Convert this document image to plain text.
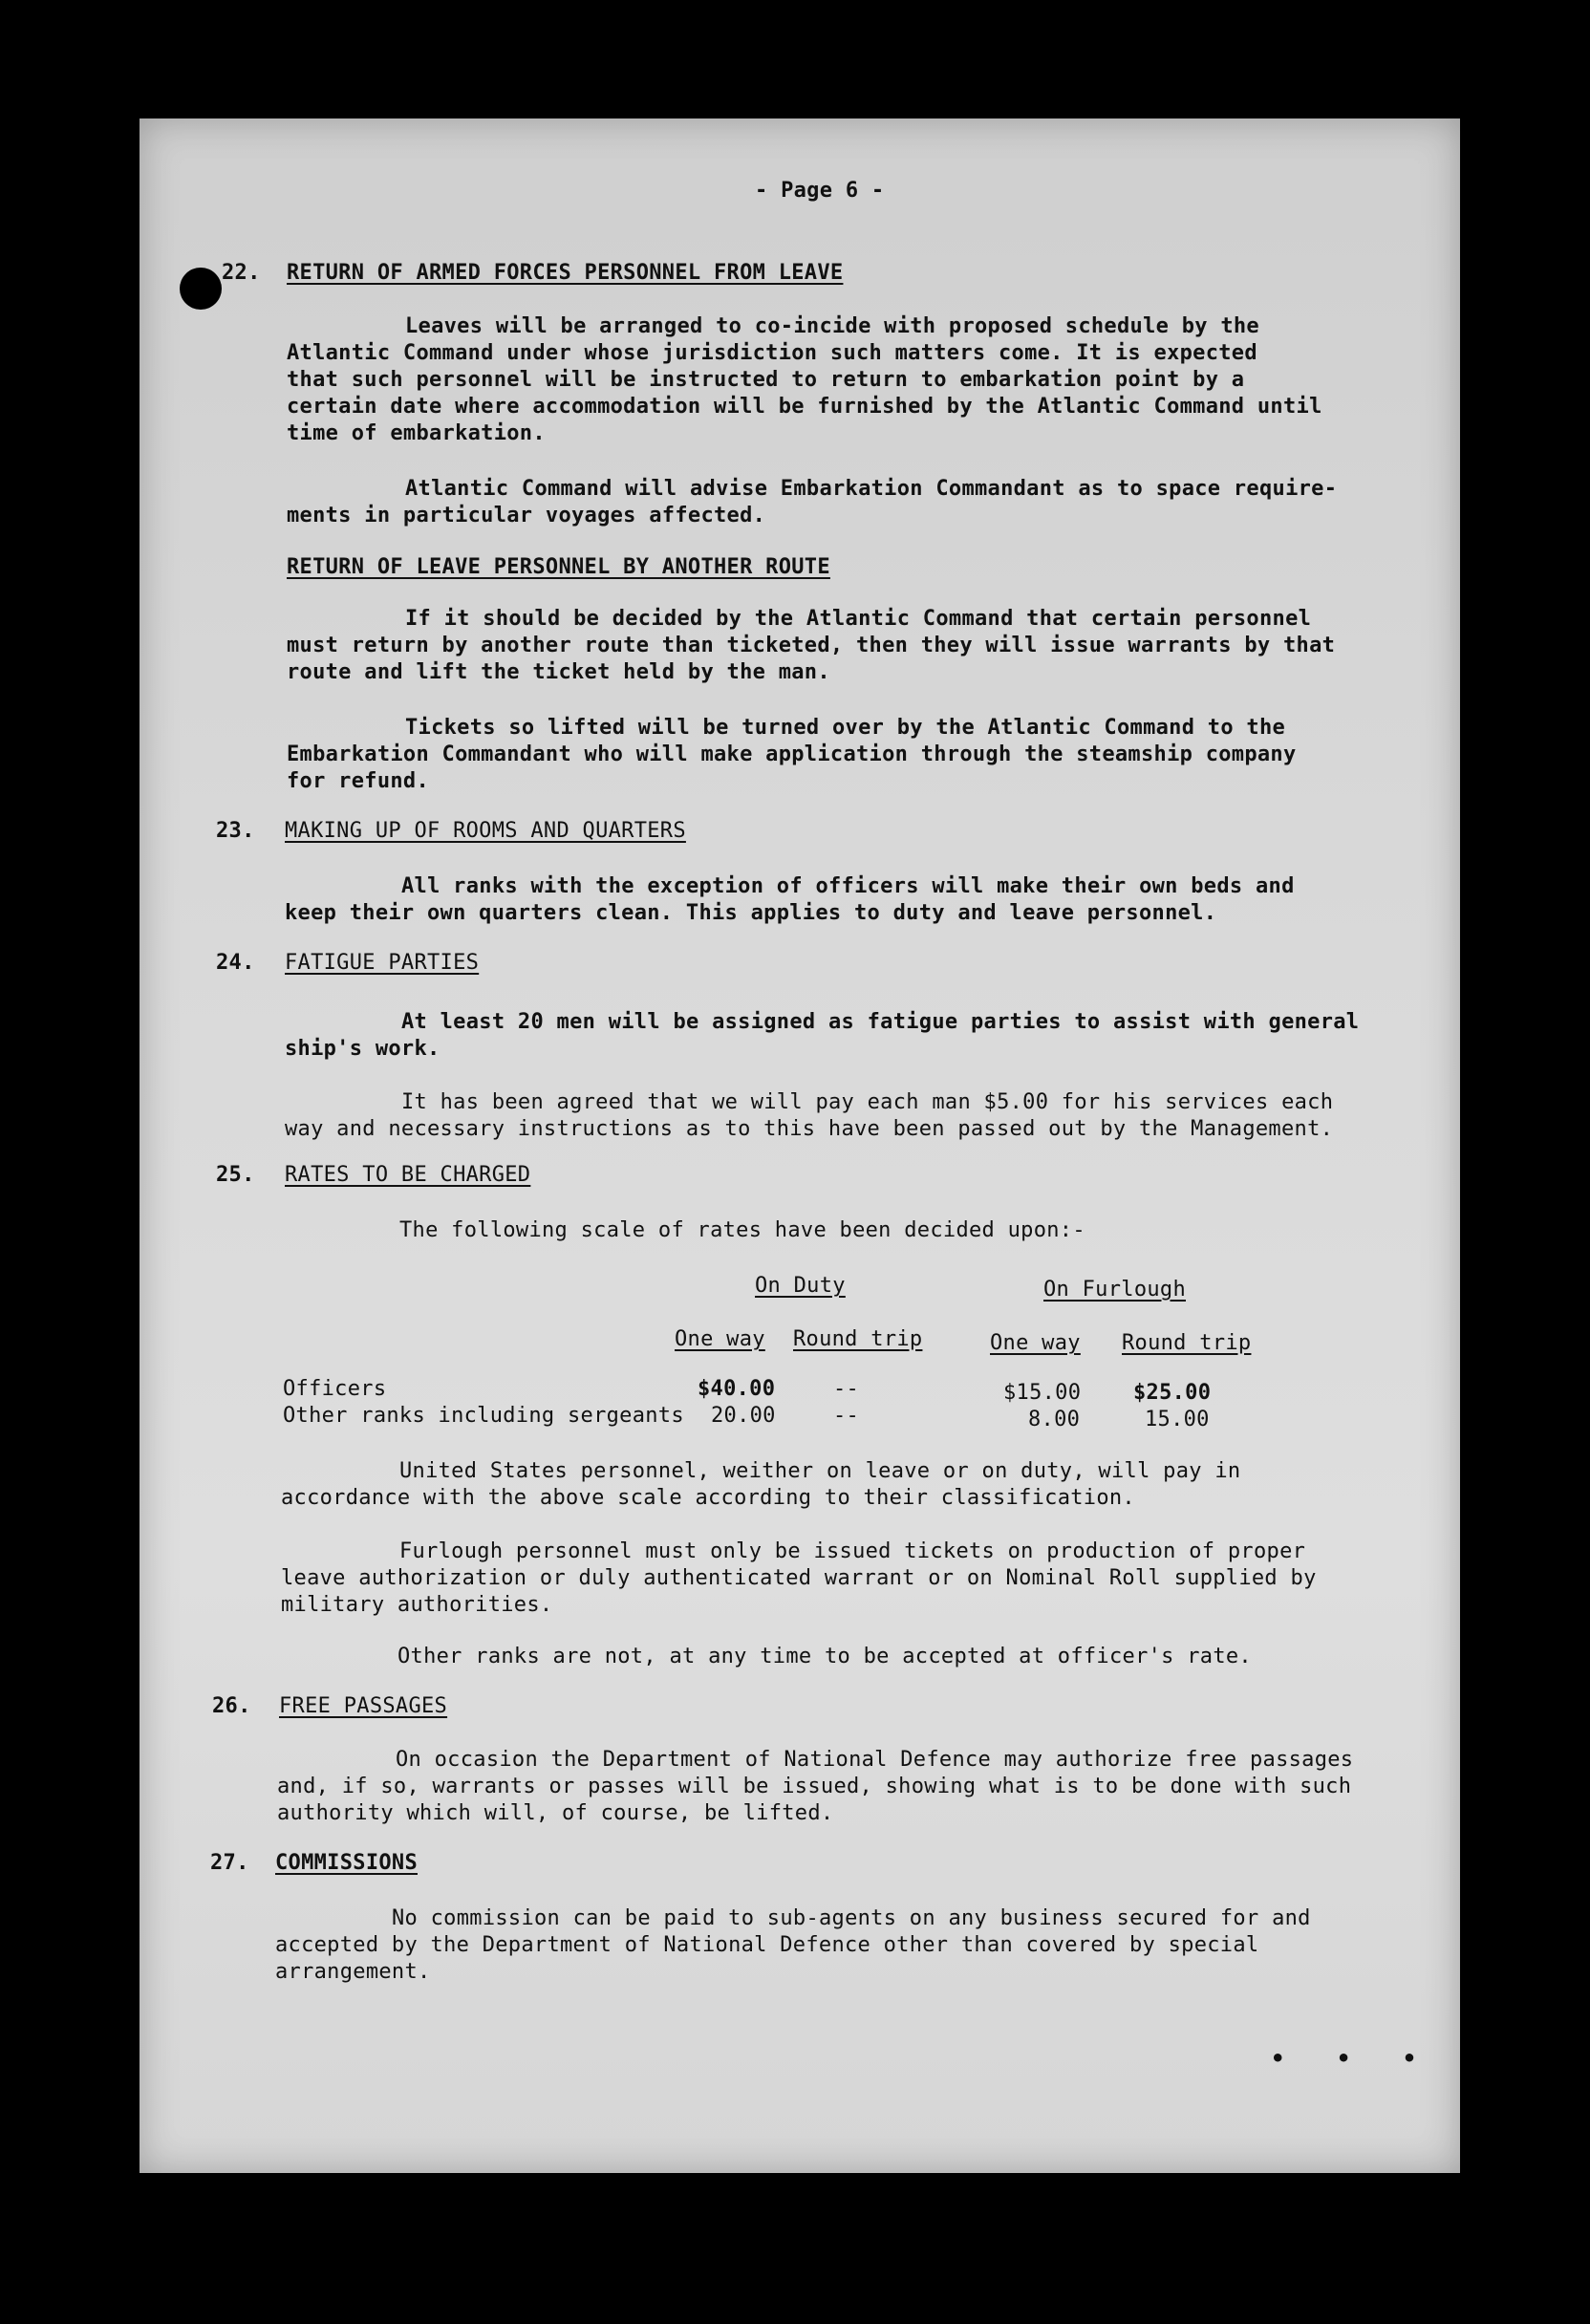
- Page 6 -
22. RETURN OF ARMED FORCES PERSONNEL FROM LEAVE
Leaves will be arranged to co-incide with proposed schedule by the
Atlantic Command under whose jurisdiction such matters come. It is expected
that such personnel will be instructed to return to embarkation point by a
certain date where accommodation will be furnished by the Atlantic Command until
time of embarkation.
Atlantic Command will advise Embarkation Commandant as to space require-
ments in particular voyages affected.
RETURN OF LEAVE PERSONNEL BY ANOTHER ROUTE
If it should be decided by the Atlantic Command that certain personnel
must return by another route than ticketed, then they will issue warrants by that
route and lift the ticket held by the man.
Tickets so lifted will be turned over by the Atlantic Command to the
Embarkation Commandant who will make application through the steamship company
for refund.
23. MAKING UP OF ROOMS AND QUARTERS
All ranks with the exception of officers will make their own beds and
keep their own quarters clean. This applies to duty and leave personnel.
24. FATIGUE PARTIES
At least 20 men will be assigned as fatigue parties to assist with general
ship's work.
It has been agreed that we will pay each man $5.00 for his services each
way and necessary instructions as to this have been passed out by the Management.
25. RATES TO BE CHARGED
The following scale of rates have been decided upon:-
On Duty	On Furlough
One way Round trip	One way Round trip
Officers	$40.00	--	$15.00 $25.00
Other ranks including sergeants 20.00	--	8.00	15.00
United States personnel, weither on leave or on duty, will pay in
accordance with the above scale according to their classification.
Furlough personnel must only be issued tickets on production of proper
leave authorization or duly authenticated warrant or on Nominal Roll supplied by
military authorities.
Other ranks are not, at any time to be accepted at officer's rate.
26. FREE PASSAGES
On occasion the Department of National Defence may authorize free passages
and, if so, warrants or passes will be issued, showing what is to be done with such
authority which will, of course, be lifted.
27. COMMISSIONS
No commission can be paid to sub-agents on any business secured for and
accepted by the Department of National Defence other than covered by special
arrangement.
• • •
